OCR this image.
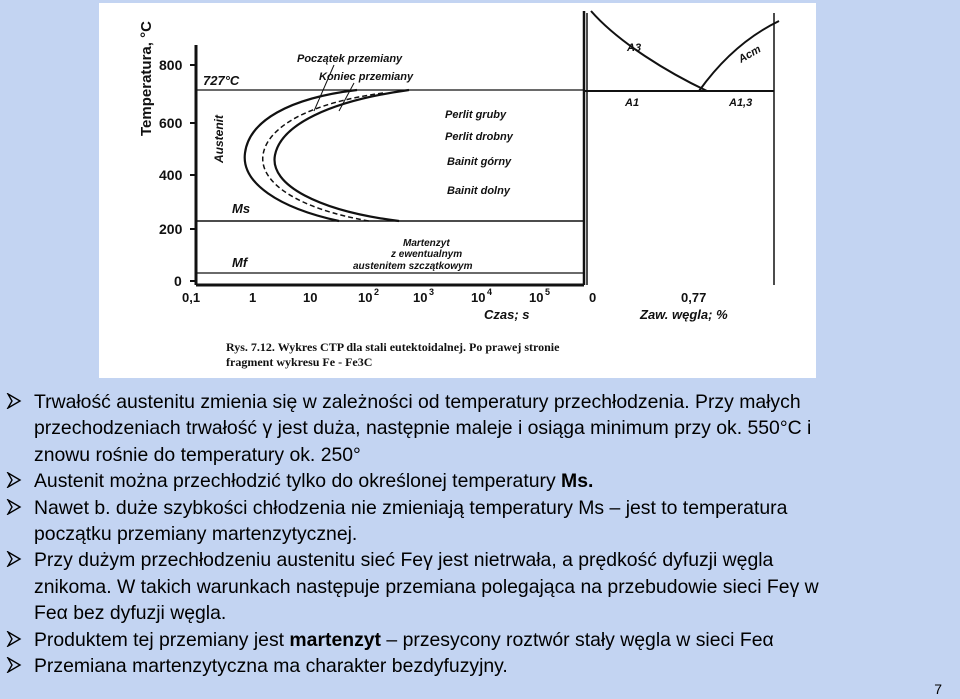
800
600
400
200
0
Temperatura, °C	727°C
Ms
Mf
Austenit
Początek przemiany
Koniec przemiany
Perlit gruby
Perlit drobny
Bainit górny
Bainit dolny
Martenzyt
z ewentualnym
austenitem szczątkowym
0,1	1	10	10 2	10 3	10 4	10 5
Czas; s
A3	Acm
A1	A1,3
0	0,77
Zaw. węgla; %
Rys. 7.12. Wykres CTP dla stali eutektoidalnej. Po prawej stronie
fragment wykresu Fe - Fe3C
Trwałość austenitu zmienia się w zależności od temperatury przechłodzenia. Przy małych
przechodzeniach trwałość γ jest duża, następnie maleje i osiąga minimum przy ok. 550°C i
znowu rośnie do temperatury ok. 250°
Austenit można przechłodzić tylko do określonej temperatury Ms.
Nawet b. duże szybkości chłodzenia nie zmieniają temperatury Ms – jest to temperatura
początku przemiany martenzytycznej.
Przy dużym przechłodzeniu austenitu sieć Feγ jest nietrwała, a prędkość dyfuzji węgla
znikoma. W takich warunkach następuje przemiana polegająca na przebudowie sieci Feγ w
Feα bez dyfuzji węgla.
Produktem tej przemiany jest martenzyt – przesycony roztwór stały węgla w sieci Feα
Przemiana martenzytyczna ma charakter bezdyfuzyjny.
7
